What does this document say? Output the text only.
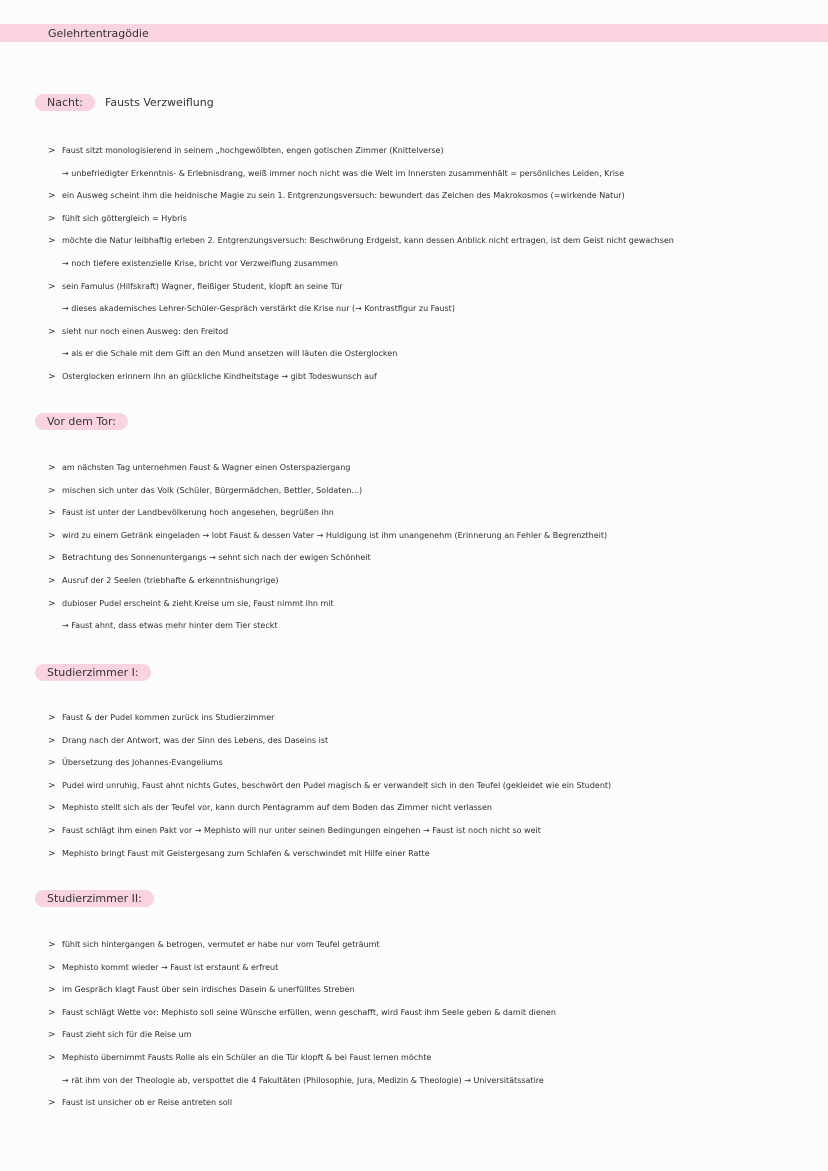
Gelehrtentragödie
Nacht:	Fausts Verzweiflung
> Faust sitzt monologisierend in seinem „hochgewölbten, engen gotischen Zimmer (Knittelverse)
→ unbefriedigter Erkenntnis- & Erlebnisdrang, weiß immer noch nicht was die Welt im Innersten zusammenhält = persönliches Leiden, Krise
> ein Ausweg scheint ihm die heidnische Magie zu sein 1. Entgrenzungsversuch: bewundert das Zeichen des Makrokosmos (=wirkende Natur)
> fühlt sich göttergleich = Hybris
> möchte die Natur leibhaftig erleben 2. Entgrenzungsversuch: Beschwörung Erdgeist, kann dessen Anblick nicht ertragen, ist dem Geist nicht gewachsen
→ noch tiefere existenzielle Krise, bricht vor Verzweiflung zusammen
> sein Famulus (Hilfskraft) Wagner, fleißiger Student, klopft an seine Tür
→ dieses akademisches Lehrer-Schüler-Gespräch verstärkt die Krise nur (→ Kontrastfigur zu Faust)
> sieht nur noch einen Ausweg: den Freitod
→ als er die Schale mit dem Gift an den Mund ansetzen will läuten die Osterglocken
> Osterglocken erinnern ihn an glückliche Kindheitstage → gibt Todeswunsch auf
Vor dem Tor:
> am nächsten Tag unternehmen Faust & Wagner einen Osterspaziergang
> mischen sich unter das Volk (Schüler, Bürgermädchen, Bettler, Soldaten...)
> Faust ist unter der Landbevölkerung hoch angesehen, begrüßen ihn
> wird zu einem Getränk eingeladen → lobt Faust & dessen Vater → Huldigung ist ihm unangenehm (Erinnerung an Fehler & Begrenztheit)
> Betrachtung des Sonnenuntergangs → sehnt sich nach der ewigen Schönheit
> Ausruf der 2 Seelen (triebhafte & erkenntnishungrige)
> dubioser Pudel erscheint & zieht Kreise um sie, Faust nimmt ihn mit
→ Faust ahnt, dass etwas mehr hinter dem Tier steckt
Studierzimmer I:
> Faust & der Pudel kommen zurück ins Studierzimmer
> Drang nach der Antwort, was der Sinn des Lebens, des Daseins ist
> Übersetzung des Johannes-Evangeliums
> Pudel wird unruhig, Faust ahnt nichts Gutes, beschwört den Pudel magisch & er verwandelt sich in den Teufel (gekleidet wie ein Student)
> Mephisto stellt sich als der Teufel vor, kann durch Pentagramm auf dem Boden das Zimmer nicht verlassen
> Faust schlägt ihm einen Pakt vor → Mephisto will nur unter seinen Bedingungen eingehen → Faust ist noch nicht so weit
> Mephisto bringt Faust mit Geistergesang zum Schlafen & verschwindet mit Hilfe einer Ratte
Studierzimmer II:
> fühlt sich hintergangen & betrogen, vermutet er habe nur vom Teufel geträumt
> Mephisto kommt wieder → Faust ist erstaunt & erfreut
> im Gespräch klagt Faust über sein irdisches Dasein & unerfülltes Streben
> Faust schlägt Wette vor: Mephisto soll seine Wünsche erfüllen, wenn geschafft, wird Faust ihm Seele geben & damit dienen
> Faust zieht sich für die Reise um
> Mephisto übernimmt Fausts Rolle als ein Schüler an die Tür klopft & bei Faust lernen möchte
→ rät ihm von der Theologie ab, verspottet die 4 Fakultäten (Philosophie, Jura, Medizin & Theologie) → Universitätssatire
> Faust ist unsicher ob er Reise antreten soll
